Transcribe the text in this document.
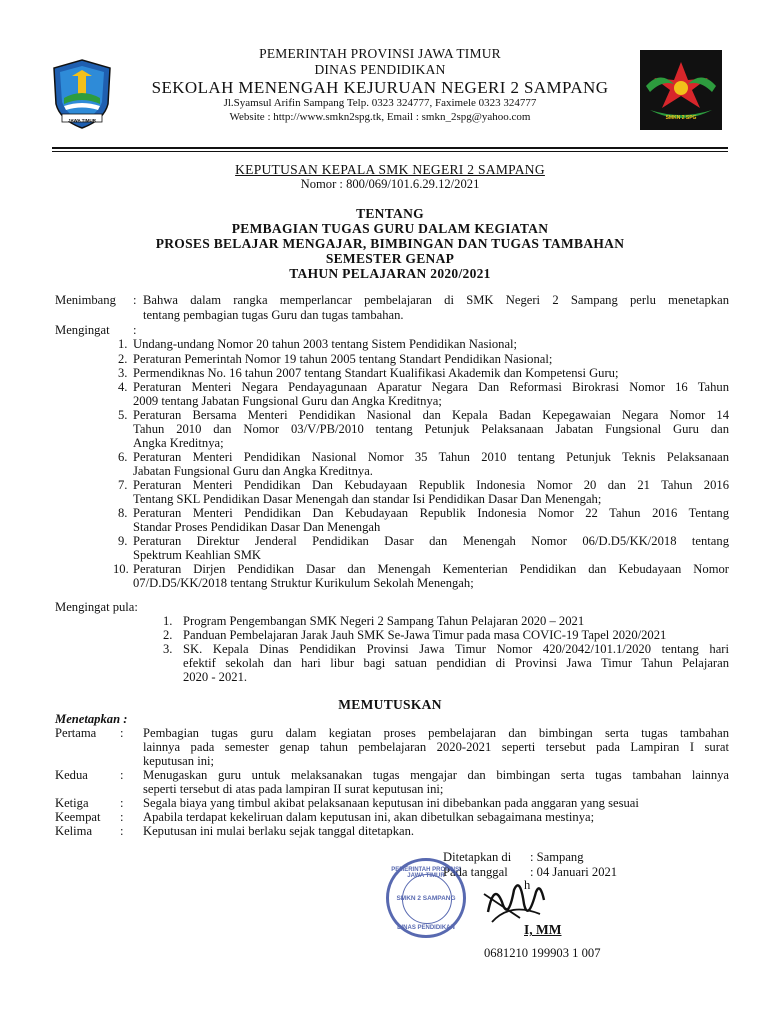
JAWA TIMUR	SMKN 2 SPG
PEMERINTAH PROVINSI JAWA TIMUR
DINAS PENDIDIKAN
SEKOLAH MENENGAH KEJURUAN NEGERI 2 SAMPANG
Jl.Syamsul Arifin Sampang Telp. 0323 324777, Faximele 0323 324777
Website : http://www.smkn2spg.tk, Email : smkn_2spg@yahoo.com
KEPUTUSAN KEPALA SMK NEGERI 2 SAMPANG
Nomor : 800/069/101.6.29.12/2021
TENTANG
PEMBAGIAN TUGAS GURU DALAM KEGIATAN
PROSES BELAJAR MENGAJAR, BIMBINGAN DAN TUGAS TAMBAHAN
SEMESTER GENAP
TAHUN PELAJARAN 2020/2021
Menimbang : Bahwa dalam rangka memperlancar pembelajaran di SMK Negeri 2 Sampang perlu menetapkan
tentang pembagian tugas Guru dan tugas tambahan.
Mengingat :
1. Undang-undang Nomor 20 tahun 2003 tentang Sistem Pendidikan Nasional;
2. Peraturan Pemerintah Nomor 19 tahun 2005 tentang Standart Pendidikan Nasional;
3. Permendiknas No. 16 tahun 2007 tentang Standart Kualifikasi Akademik dan Kompetensi Guru;
4. Peraturan Menteri Negara Pendayagunaan Aparatur Negara Dan Reformasi Birokrasi Nomor 16 Tahun
2009 tentang Jabatan Fungsional Guru dan Angka Kreditnya;
5. Peraturan Bersama Menteri Pendidikan Nasional dan Kepala Badan Kepegawaian Negara Nomor 14
Tahun 2010 dan Nomor 03/V/PB/2010 tentang Petunjuk Pelaksanaan Jabatan Fungsional Guru dan
Angka Kreditnya;
6. Peraturan Menteri Pendidikan Nasional Nomor 35 Tahun 2010 tentang Petunjuk Teknis Pelaksanaan
Jabatan Fungsional Guru dan Angka Kreditnya.
7. Peraturan Menteri Pendidikan Dan Kebudayaan Republik Indonesia Nomor 20 dan 21 Tahun 2016
Tentang SKL Pendidikan Dasar Menengah dan standar Isi Pendidikan Dasar Dan Menengah;
8. Peraturan Menteri Pendidikan Dan Kebudayaan Republik Indonesia Nomor 22 Tahun 2016 Tentang
Standar Proses Pendidikan Dasar Dan Menengah
9. Peraturan Direktur Jenderal Pendidikan Dasar dan Menengah Nomor 06/D.D5/KK/2018 tentang
Spektrum Keahlian SMK
10. Peraturan Dirjen Pendidikan Dasar dan Menengah Kementerian Pendidikan dan Kebudayaan Nomor
07/D.D5/KK/2018 tentang Struktur Kurikulum Sekolah Menengah;
Mengingat pula:
1. Program Pengembangan SMK Negeri 2 Sampang Tahun Pelajaran 2020 – 2021
2. Panduan Pembelajaran Jarak Jauh SMK Se-Jawa Timur pada masa COVIC-19 Tapel 2020/2021
3. SK. Kepala Dinas Pendidikan Provinsi Jawa Timur Nomor 420/2042/101.1/2020 tentang hari
efektif sekolah dan hari libur bagi satuan pendidian di Provinsi Jawa Timur Tahun Pelajaran
2020 - 2021.
MEMUTUSKAN
Menetapkan :
Pertama : Pembagian tugas guru dalam kegiatan proses pembelajaran dan bimbingan serta tugas tambahan
lainnya pada semester genap tahun pembelajaran 2020-2021 seperti tersebut pada Lampiran I surat
keputusan ini;
Kedua	: Menugaskan guru untuk melaksanakan tugas mengajar dan bimbingan serta tugas tambahan lainnya
seperti tersebut di atas pada lampiran II surat keputusan ini;
Ketiga : Segala biaya yang timbul akibat pelaksanaan keputusan ini dibebankan pada anggaran yang sesuai
Keempat : Apabila terdapat kekeliruan dalam keputusan ini, akan dibetulkan sebagaimana mestinya;
Kelima : Keputusan ini mulai berlaku sejak tanggal ditetapkan.
Ditetapkan di : Sampang
Pada tanggal : 04 Januari 2021
h
PEMERINTAH PROVINSI JAWA TIMUR
SMKN 2 SAMPANG
DINAS PENDIDIKAN	I, MM
0681210 199903 1 007
